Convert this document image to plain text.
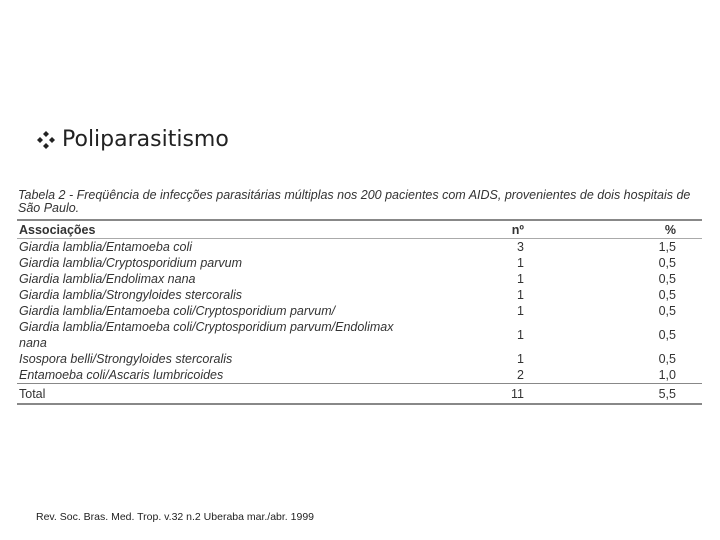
Poliparasitismo
Tabela 2 - Freqüência de infecções parasitárias múltiplas nos 200 pacientes com AIDS, provenientes de dois hospitais de São Paulo.
Associações	nº	%
Giardia lamblia/Entamoeba coli	3	1,5
Giardia lamblia/Cryptosporidium parvum	1	0,5
Giardia lamblia/Endolimax nana	1	0,5
Giardia lamblia/Strongyloides stercoralis	1	0,5
Giardia lamblia/Entamoeba coli/Cryptosporidium parvum/	1	0,5
Giardia lamblia/Entamoeba coli/Cryptosporidium parvum/Endolimax nana	1	0,5
Isospora belli/Strongyloides stercoralis	1	0,5
Entamoeba coli/Ascaris lumbricoides	2	1,0
Total	11	5,5
Rev. Soc. Bras. Med. Trop. v.32 n.2 Uberaba mar./abr. 1999
